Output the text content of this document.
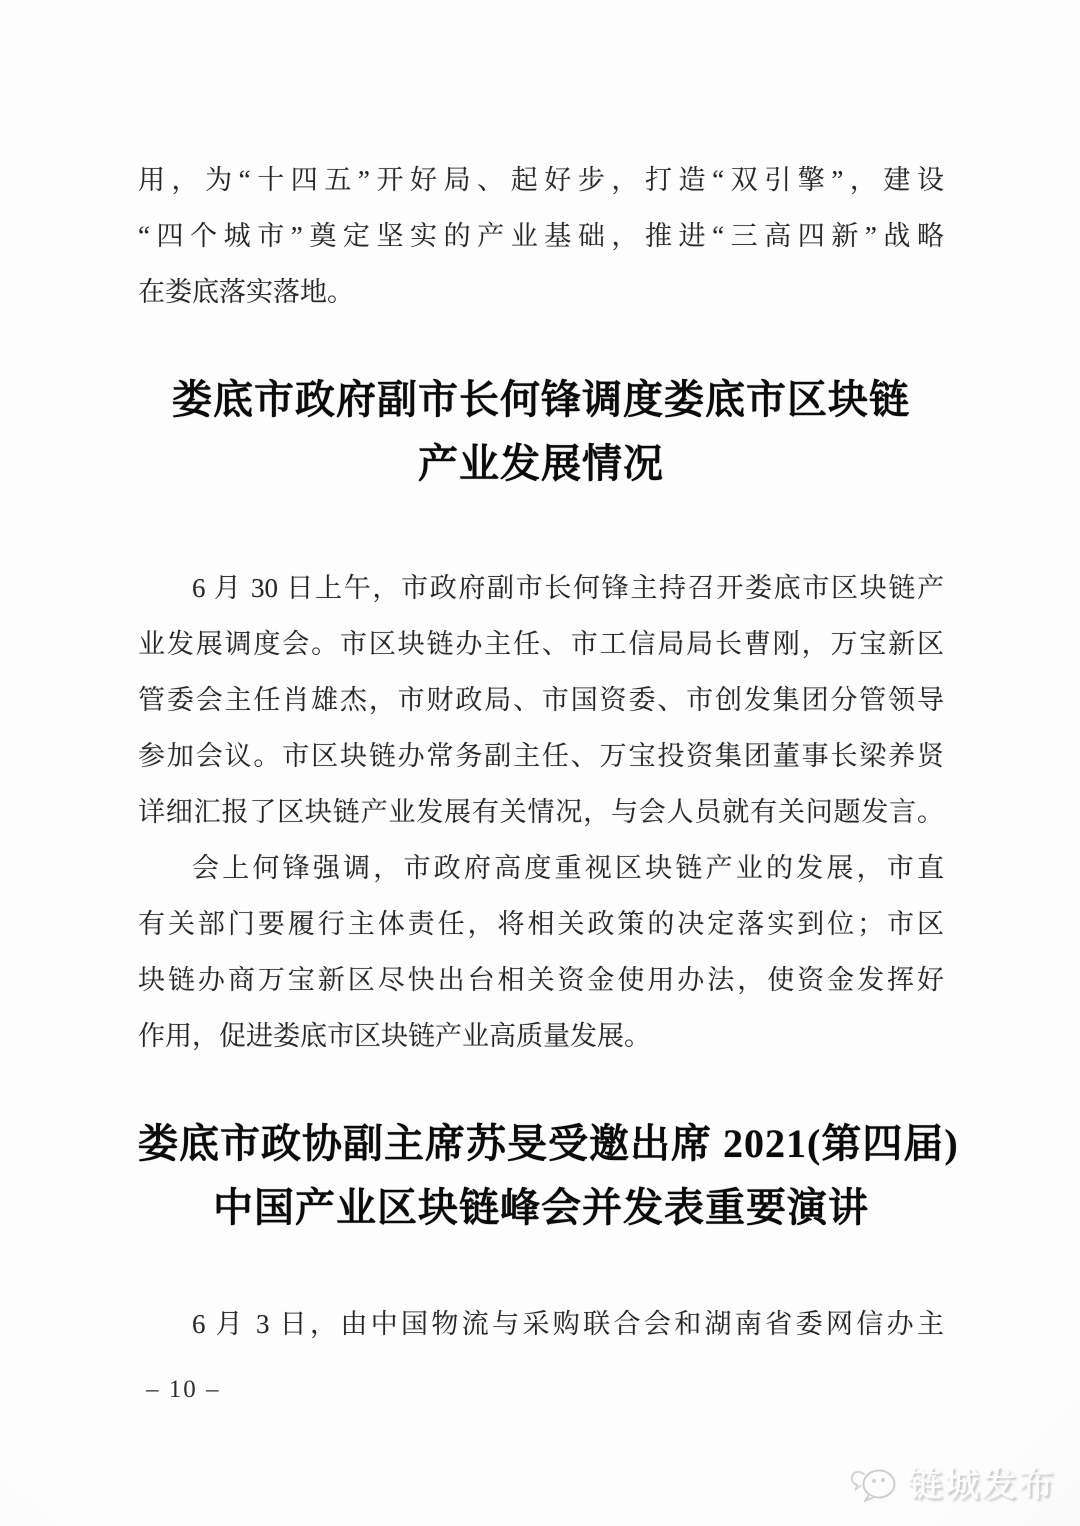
用，为“十四五”开好局、起好步，打造“双引擎”，建设
“四个城市”奠定坚实的产业基础，推进“三高四新”战略
在娄底落实落地。
娄底市政府副市长何锋调度娄底市区块链
产业发展情况
6 月 30 日上午，市政府副市长何锋主持召开娄底市区块链产
业发展调度会。市区块链办主任、市工信局局长曹刚，万宝新区
管委会主任肖雄杰，市财政局、市国资委、市创发集团分管领导
参加会议。市区块链办常务副主任、万宝投资集团董事长梁养贤
详细汇报了区块链产业发展有关情况，与会人员就有关问题发言。
会上何锋强调，市政府高度重视区块链产业的发展，市直
有关部门要履行主体责任，将相关政策的决定落实到位；市区
块链办商万宝新区尽快出台相关资金使用办法，使资金发挥好
作用，促进娄底市区块链产业高质量发展。
娄底市政协副主席苏旻受邀出席 2021(第四届)
中国产业区块链峰会并发表重要演讲
6 月 3 日，由中国物流与采购联合会和湖南省委网信办主
– 10 –
链城发布
